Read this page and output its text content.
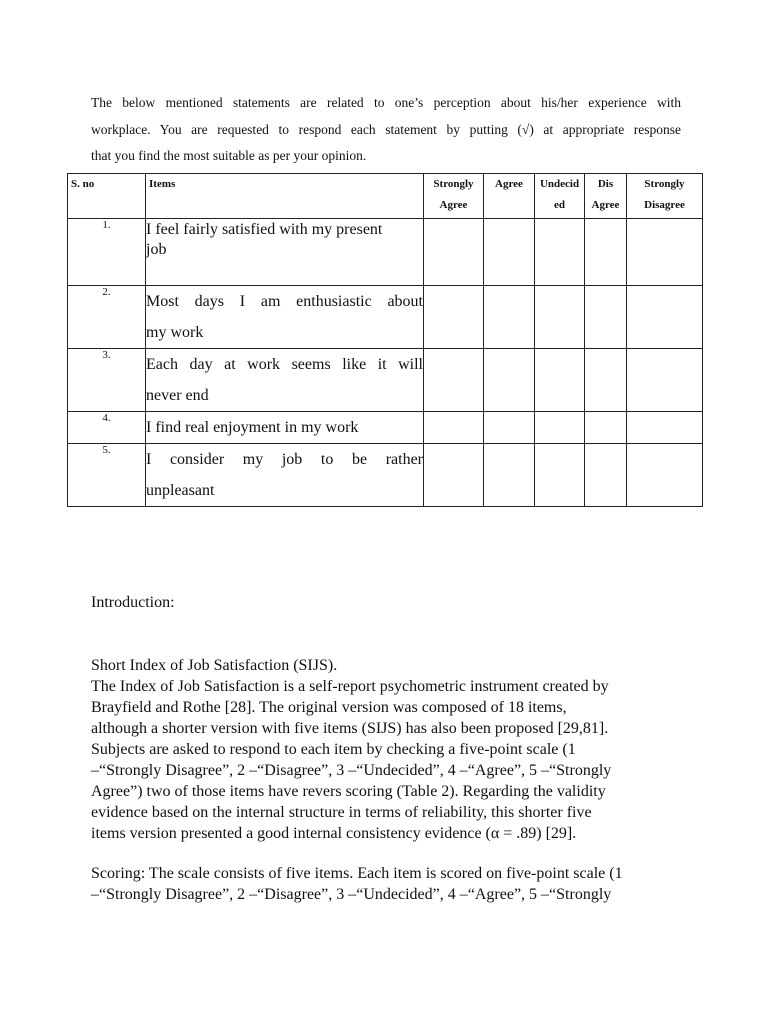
The below mentioned statements are related to one’s perception about his/her experience with
workplace. You are requested to respond each statement by putting (√) at appropriate response
that you find the most suitable as per your opinion.
S. no	Items	Strongly Agree	Agree	Undecid ed	Dis Agree	Strongly Disagree
1.	I feel fairly satisfied with my present
job					

2.	Most days I am enthusiastic about
my work					

3.	Each day at work seems like it will
never end					

4.	I find real enjoyment in my work					

5.	I consider my job to be rather
unpleasant					

Introduction:
Short Index of Job Satisfaction (SIJS).
The Index of Job Satisfaction is a self-report psychometric instrument created by
Brayfield and Rothe [28]. The original version was composed of 18 items,
although a shorter version with five items (SIJS) has also been proposed [29,81].
Subjects are asked to respond to each item by checking a five-point scale (1
–“Strongly Disagree”, 2 –“Disagree”, 3 –“Undecided”, 4 –“Agree”, 5 –“Strongly
Agree”) two of those items have revers scoring (Table 2). Regarding the validity
evidence based on the internal structure in terms of reliability, this shorter five
items version presented a good internal consistency evidence (α = .89) [29].
Scoring: The scale consists of five items. Each item is scored on five-point scale (1
–“Strongly Disagree”, 2 –“Disagree”, 3 –“Undecided”, 4 –“Agree”, 5 –“Strongly
